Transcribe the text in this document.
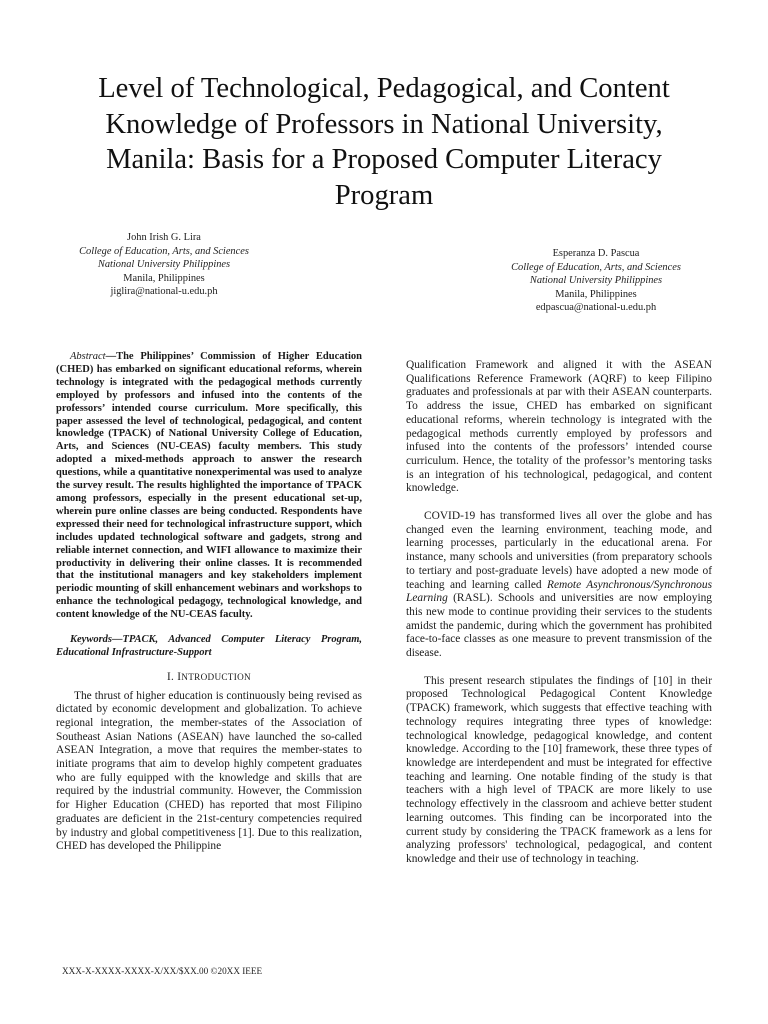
Level of Technological, Pedagogical, and Content Knowledge of Professors in National University, Manila: Basis for a Proposed Computer Literacy Program
John Irish G. Lira
College of Education, Arts, and Sciences
National University Philippines
Manila, Philippines
jiglira@national-u.edu.ph
Esperanza D. Pascua
College of Education, Arts, and Sciences
National University Philippines
Manila, Philippines
edpascua@national-u.edu.ph

Abstract—The Philippines’ Commission of Higher Education (CHED) has embarked on significant educational reforms, wherein technology is integrated with the pedagogical methods currently employed by professors and infused into the contents of the professors’ intended course curriculum. More specifically, this paper assessed the level of technological, pedagogical, and content knowledge (TPACK) of National University College of Education, Arts, and Sciences (NU-CEAS) faculty members. This study adopted a mixed-methods approach to answer the research questions, while a quantitative nonexperimental was used to analyze the survey result. The results highlighted the importance of TPACK among professors, especially in the present educational set-up, wherein pure online classes are being conducted. Respondents have expressed their need for technological infrastructure support, which includes updated technological software and gadgets, strong and reliable internet connection, and WIFI allowance to maximize their productivity in delivering their online classes. It is recommended that the institutional managers and key stakeholders implement periodic mounting of skill enhancement webinars and workshops to enhance the technological pedagogy, technological knowledge, and content knowledge of the NU-CEAS faculty.

Keywords—TPACK, Advanced Computer Literacy Program, Educational Infrastructure-Support

I. INTRODUCTION

The thrust of higher education is continuously being revised as dictated by economic development and globalization. To achieve regional integration, the member-states of the Association of Southeast Asian Nations (ASEAN) have launched the so-called ASEAN Integration, a move that requires the member-states to initiate programs that aim to develop highly competent graduates who are fully equipped with the knowledge and skills that are required by the industrial community. However, the Commission for Higher Education (CHED) has reported that most Filipino graduates are deficient in the 21st-century competencies required by industry and global competitiveness [1]. Due to this realization, CHED has developed the Philippine

Qualification Framework and aligned it with the ASEAN Qualifications Reference Framework (AQRF) to keep Filipino graduates and professionals at par with their ASEAN counterparts. To address the issue, CHED has embarked on significant educational reforms, wherein technology is integrated with the pedagogical methods currently employed by professors and infused into the contents of the professors’ intended course curriculum. Hence, the totality of the professor’s mentoring tasks is an integration of his technological, pedagogical, and content knowledge.

COVID-19 has transformed lives all over the globe and has changed even the learning environment, teaching mode, and learning processes, particularly in the educational arena. For instance, many schools and universities (from preparatory schools to tertiary and post-graduate levels) have adopted a new mode of teaching and learning called Remote Asynchronous/Synchronous Learning (RASL). Schools and universities are now employing this new mode to continue providing their services to the students amidst the pandemic, during which the government has prohibited face-to-face classes as one measure to prevent transmission of the disease.

This present research stipulates the findings of [10] in their proposed Technological Pedagogical Content Knowledge (TPACK) framework, which suggests that effective teaching with technology requires integrating three types of knowledge: technological knowledge, pedagogical knowledge, and content knowledge. According to the [10] framework, these three types of knowledge are interdependent and must be integrated for effective teaching and learning. One notable finding of the study is that teachers with a high level of TPACK are more likely to use technology effectively in the classroom and achieve better student learning outcomes. This finding can be incorporated into the current study by considering the TPACK framework as a lens for analyzing professors' technological, pedagogical, and content knowledge and their use of technology in teaching.

XXX-X-XXXX-XXXX-X/XX/$XX.00 ©20XX IEEE
